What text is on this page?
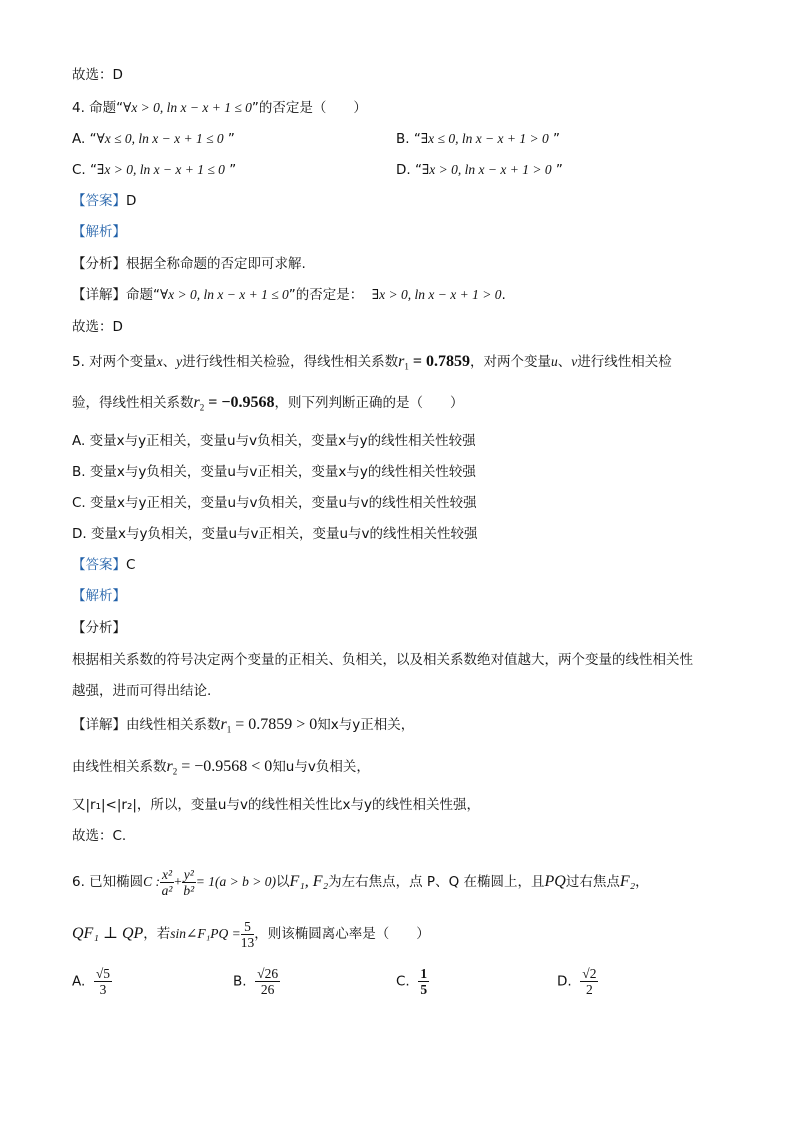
故选：D
4. 命题“∀x > 0, ln x − x + 1 ≤ 0”的否定是（　　）
A. “∀x ≤ 0, ln x − x + 1 ≤ 0 ”	B. “∃x ≤ 0, ln x − x + 1 > 0 ”
C. “∃x > 0, ln x − x + 1 ≤ 0 ”	D. “∃x > 0, ln x − x + 1 > 0 ”
【答案】D
【解析】
【分析】根据全称命题的否定即可求解.
【详解】命题“∀x > 0, ln x − x + 1 ≤ 0”的否定是： ∃x > 0, ln x − x + 1 > 0.
故选：D
5. 对两个变量x、y进行线性相关检验，得线性相关系数$r_1 = 0.7859$，对两个变量u、v进行线性相关检
验，得线性相关系数$r_2 = -0.9568$，则下列判断正确的是（　　）
A. 变量x与y正相关，变量u与v负相关，变量x与y的线性相关性较强
B. 变量x与y负相关，变量u与v正相关，变量x与y的线性相关性较强
C. 变量x与y正相关，变量u与v负相关，变量u与v的线性相关性较强
D. 变量x与y负相关，变量u与v正相关，变量u与v的线性相关性较强
【答案】C
【解析】
【分析】
根据相关系数的符号决定两个变量的正相关、负相关，以及相关系数绝对值越大，两个变量的线性相关性
越强，进而可得出结论.
【详解】由线性相关系数$r_1 = 0.7859 > 0$知x与y正相关，
由线性相关系数$r_2 = -0.9568 < 0$知u与v负相关，
又|r₁|<|r₂|，所以，变量u与v的线性相关性比x与y的线性相关性强，
故选：C.
6. 已知椭圆C : $\frac{\text{x²}}{\text{a²}} + \frac{\text{y²}}{\text{b²}} = 1(a > b > 0)$以F₁, F₂为左右焦点，点 P、Q 在椭圆上，且PQ过右焦点F₂，
QF₁ ⊥ QP，若sin∠F₁PQ = $\frac{5}{13}$ ，则该椭圆离心率是（　　）
A. $\frac{√5}{3}$	B. $\frac{√26}{26}$	C. $\frac{1}{5}$	D. $\frac{√2}{2}$
